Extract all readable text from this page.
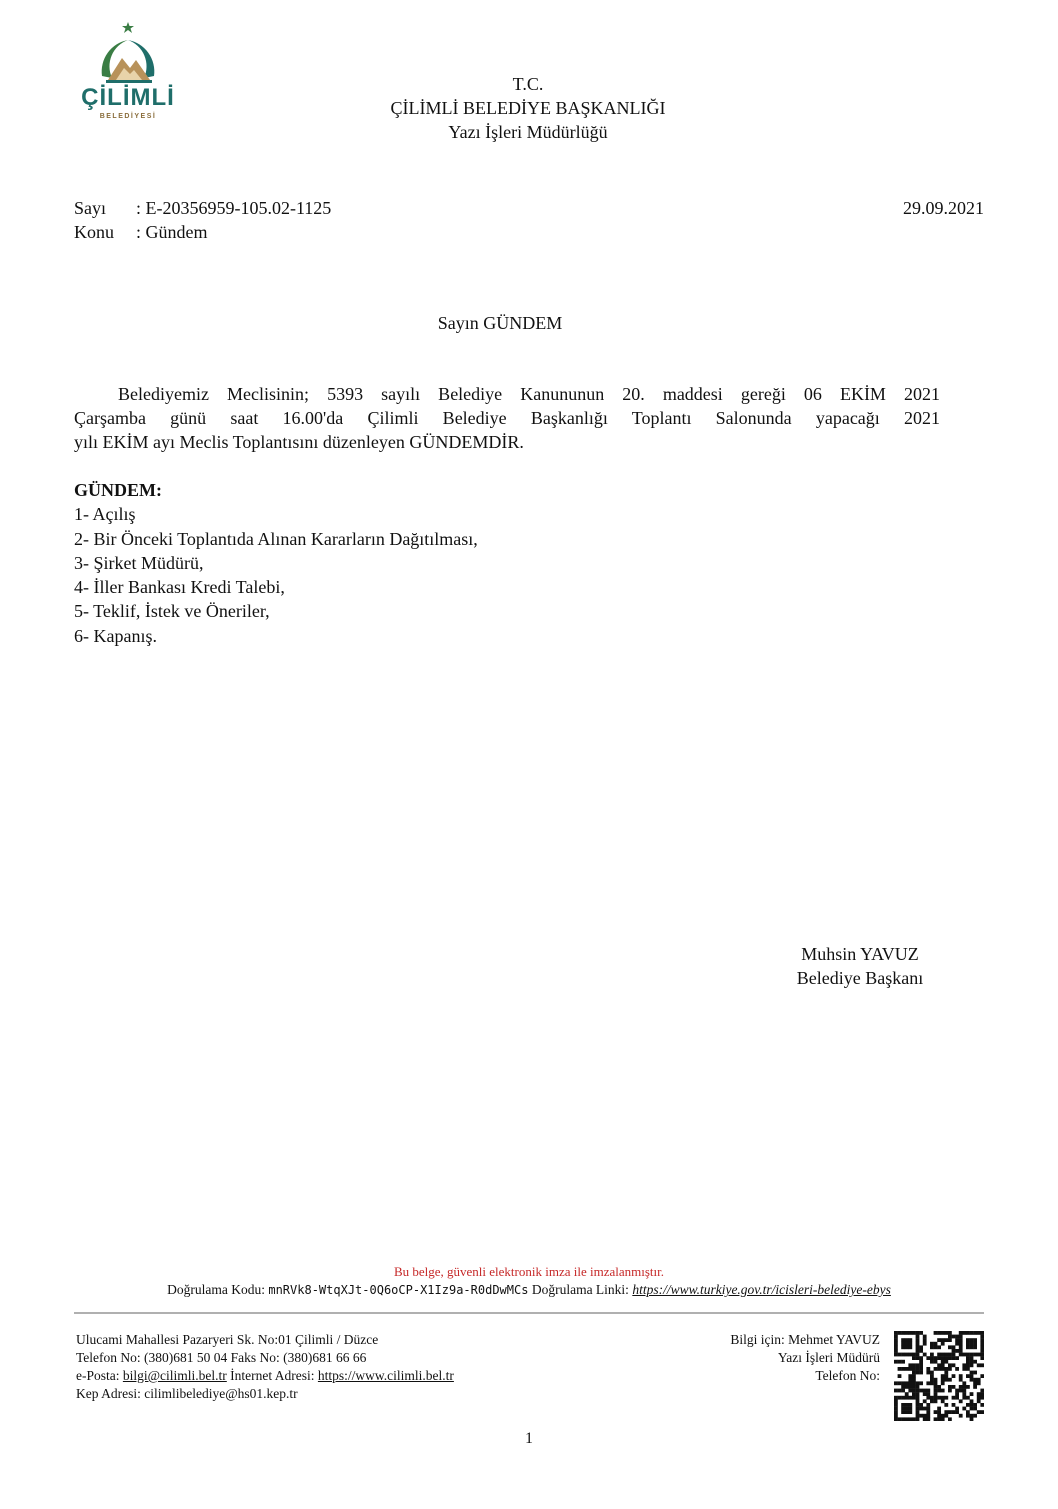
ÇİLİMLİ
BELEDİYESİ
T.C.
ÇİLİMLİ BELEDİYE BAŞKANLIĞI
Yazı İşleri Müdürlüğü
Sayı : E-20356959-105.02-1125
Konu : Gündem
29.09.2021
Sayın GÜNDEM
Belediyemiz Meclisinin; 5393 sayılı Belediye Kanununun 20. maddesi gereği 06 EKİM 2021
Çarşamba günü saat 16.00'da Çilimli Belediye Başkanlığı Toplantı Salonunda yapacağı 2021
yılı EKİM ayı Meclis Toplantısını düzenleyen GÜNDEMDİR.
GÜNDEM:
1- Açılış
2- Bir Önceki Toplantıda Alınan Kararların Dağıtılması,
3- Şirket Müdürü,
4- İller Bankası Kredi Talebi,
5- Teklif, İstek ve Öneriler,
6- Kapanış.
Muhsin YAVUZ
Belediye Başkanı
Bu belge, güvenli elektronik imza ile imzalanmıştır.
Doğrulama Kodu: mnRVk8-WtqXJt-0Q6oCP-X1Iz9a-R0dDwMCs Doğrulama Linki: https://www.turkiye.gov.tr/icisleri-belediye-ebys
Ulucami Mahallesi Pazaryeri Sk. No:01 Çilimli / Düzce
Telefon No: (380)681 50 04 Faks No: (380)681 66 66
e-Posta: bilgi@cilimli.bel.tr İnternet Adresi: https://www.cilimli.bel.tr
Kep Adresi: cilimlibelediye@hs01.kep.tr
Bilgi için: Mehmet YAVUZ
Yazı İşleri Müdürü
Telefon No:
1
